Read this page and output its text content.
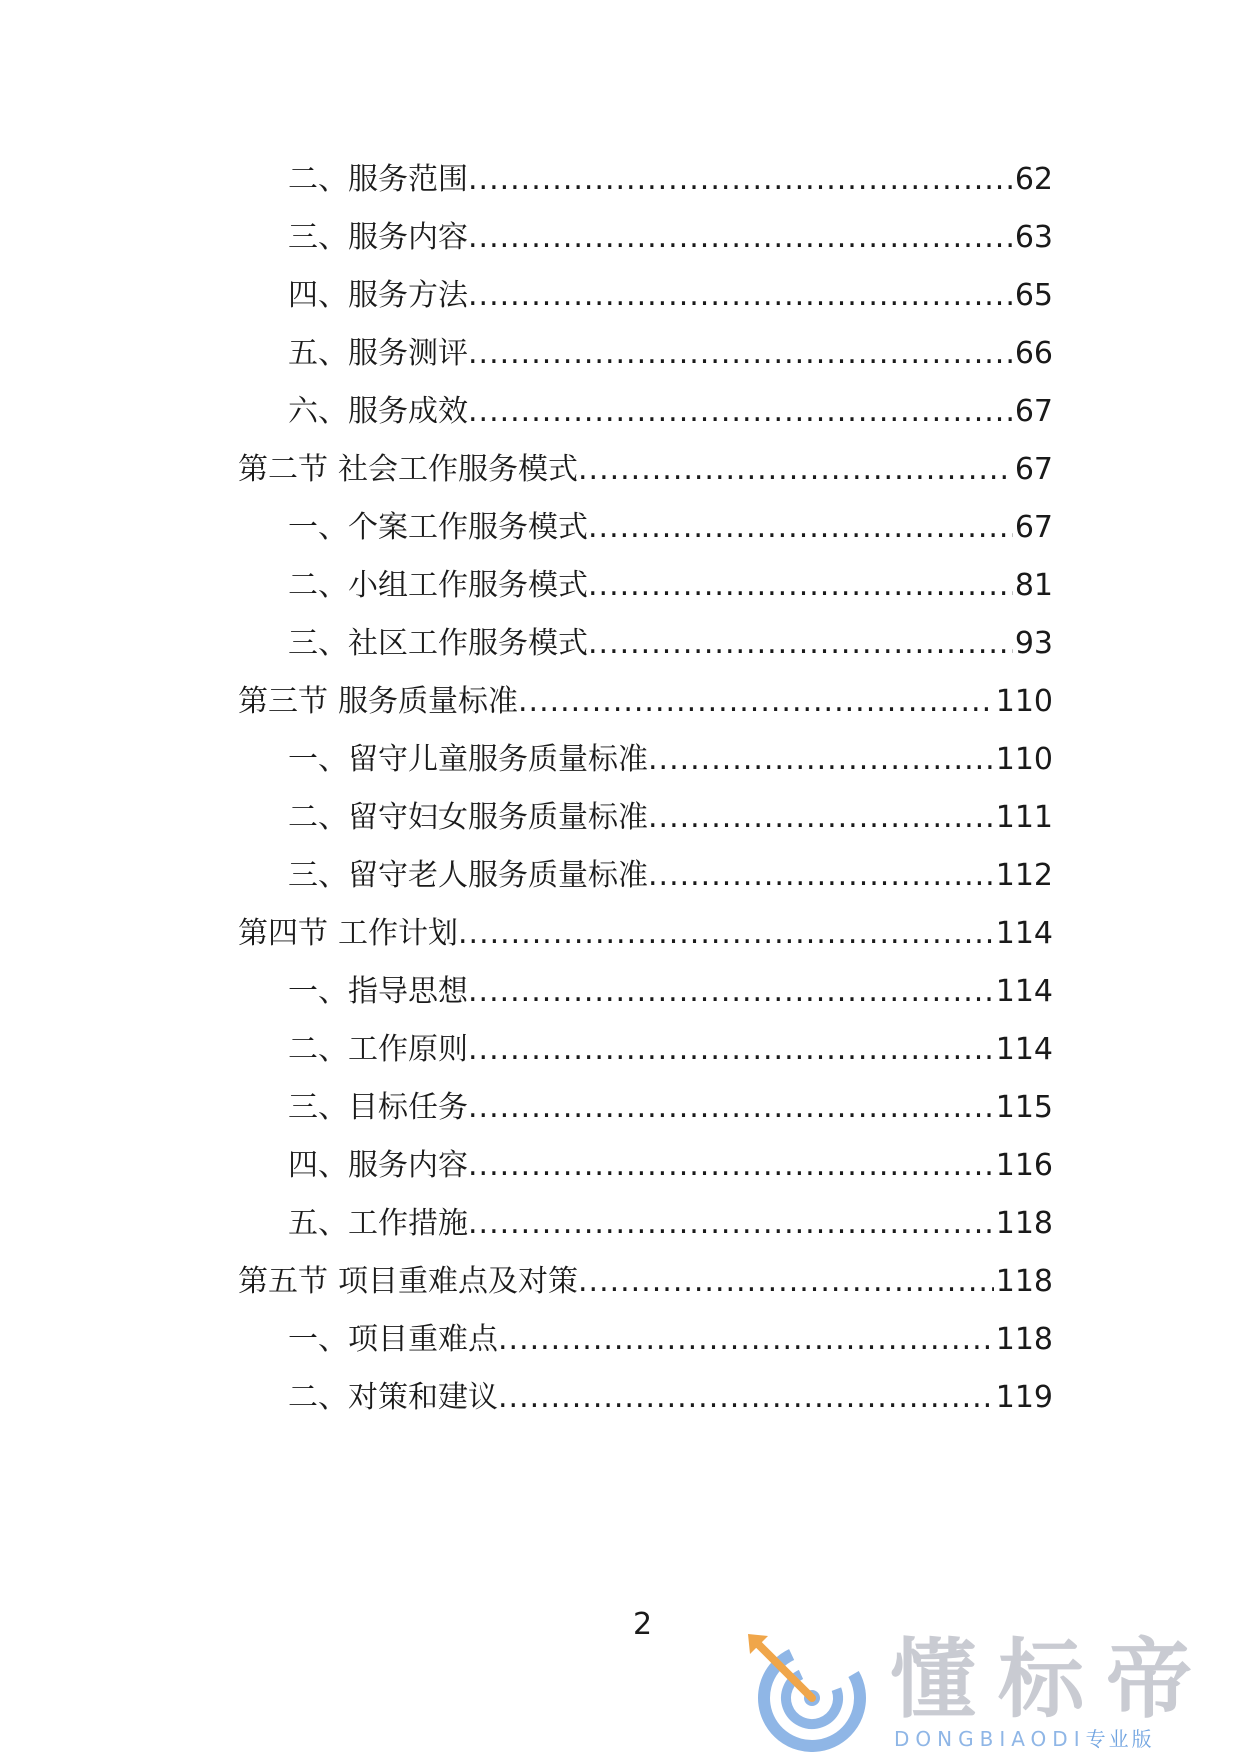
二、服务范围 .....	62
三、服务内容 .....	63
四、服务方法 .....	65
五、服务测评 .....	66
六、服务成效 .....	67
第二节 社会工作服务模式 .....	67
一、个案工作服务模式 .....	67
二、小组工作服务模式 .....	81
三、社区工作服务模式 .....	93
第三节 服务质量标准 .....	110
一、留守儿童服务质量标准 .....	110
二、留守妇女服务质量标准 .....	111
三、留守老人服务质量标准 .....	112
第四节 工作计划 .....	114
一、指导思想 .....	114
二、工作原则 .....	114
三、目标任务 .....	115
四、服务内容 .....	116
五、工作措施 .....	118
第五节 项目重难点及对策 .....	118
一、项目重难点 .....	118
二、对策和建议 .....	119
2
懂标帝
DONGBIAODI专业版
